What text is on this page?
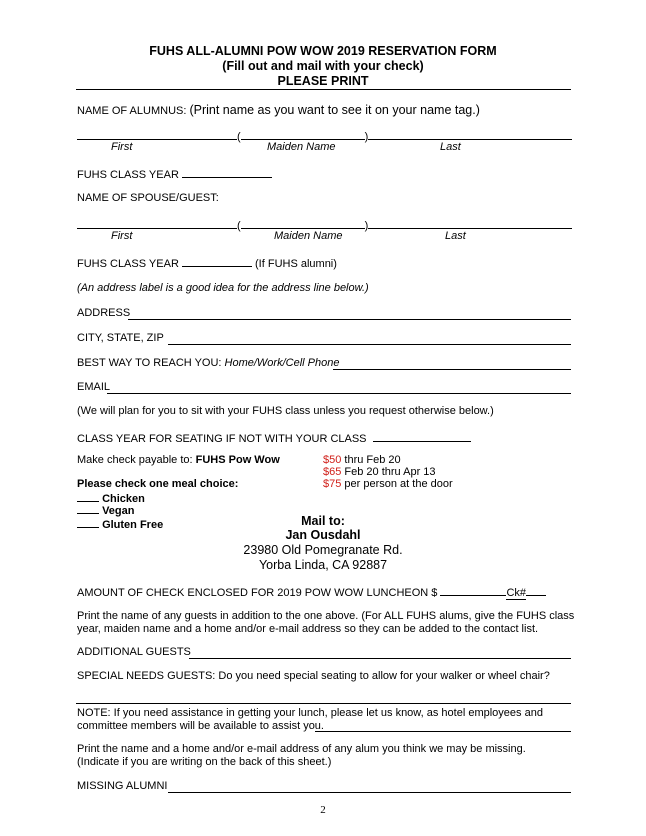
FUHS ALL-ALUMNI POW WOW 2019 RESERVATION FORM
(Fill out and mail with your check)
PLEASE PRINT
NAME OF ALUMNUS: (Print name as you want to see it on your name tag.)
(	)
First	Maiden Name	Last
FUHS CLASS YEAR
NAME OF SPOUSE/GUEST:
(	)
First	Maiden Name	Last
FUHS CLASS YEAR	(If FUHS alumni)
(An address label is a good idea for the address line below.)
ADDRESS
CITY, STATE, ZIP
BEST WAY TO REACH YOU: Home/Work/Cell Phone
EMAIL
(We will plan for you to sit with your FUHS class unless you request otherwise below.)
CLASS YEAR FOR SEATING IF NOT WITH YOUR CLASS
Make check payable to: FUHS Pow Wow	$50 thru Feb 20
$65 Feb 20 thru Apr 13
$75 per person at the door
Please check one meal choice:
Chicken
Vegan
Gluten Free	Mail to:
Jan Ousdahl
23980 Old Pomegranate Rd.
Yorba Linda, CA 92887
AMOUNT OF CHECK ENCLOSED FOR 2019 POW WOW LUNCHEON $	Ck#
Print the name of any guests in addition to the one above. (For ALL FUHS alums, give the FUHS class
year, maiden name and a home and/or e-mail address so they can be added to the contact list.
ADDITIONAL GUESTS
SPECIAL NEEDS GUESTS: Do you need special seating to allow for your walker or wheel chair?
NOTE: If you need assistance in getting your lunch, please let us know, as hotel employees and
committee members will be available to assist you.
Print the name and a home and/or e-mail address of any alum you think we may be missing.
(Indicate if you are writing on the back of this sheet.)
MISSING ALUMNI
2
